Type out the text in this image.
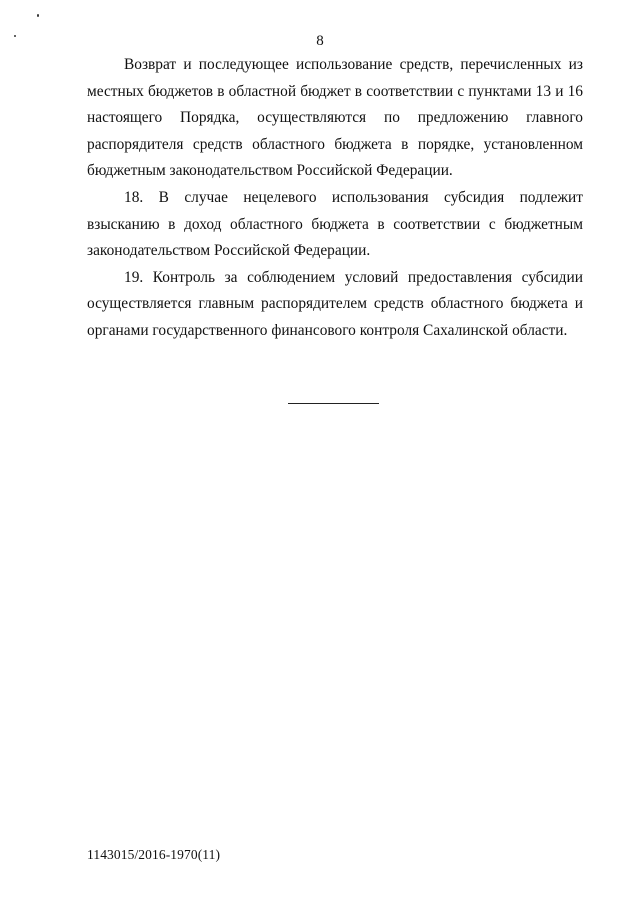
8

Возврат и последующее использование средств, перечисленных из местных бюджетов в областной бюджет в соответствии с пунктами 13 и 16 настоящего Порядка, осуществляются по предложению главного распорядителя средств областного бюджета в порядке, установленном бюджетным законодательством Российской Федерации.

18. В случае нецелевого использования субсидия подлежит взысканию в доход областного бюджета в соответствии с бюджетным законодательством Российской Федерации.

19. Контроль за соблюдением условий предоставления субсидии осуществляется главным распорядителем средств областного бюджета и органами государственного финансового контроля Сахалинской области.

1143015/2016-1970(11)
